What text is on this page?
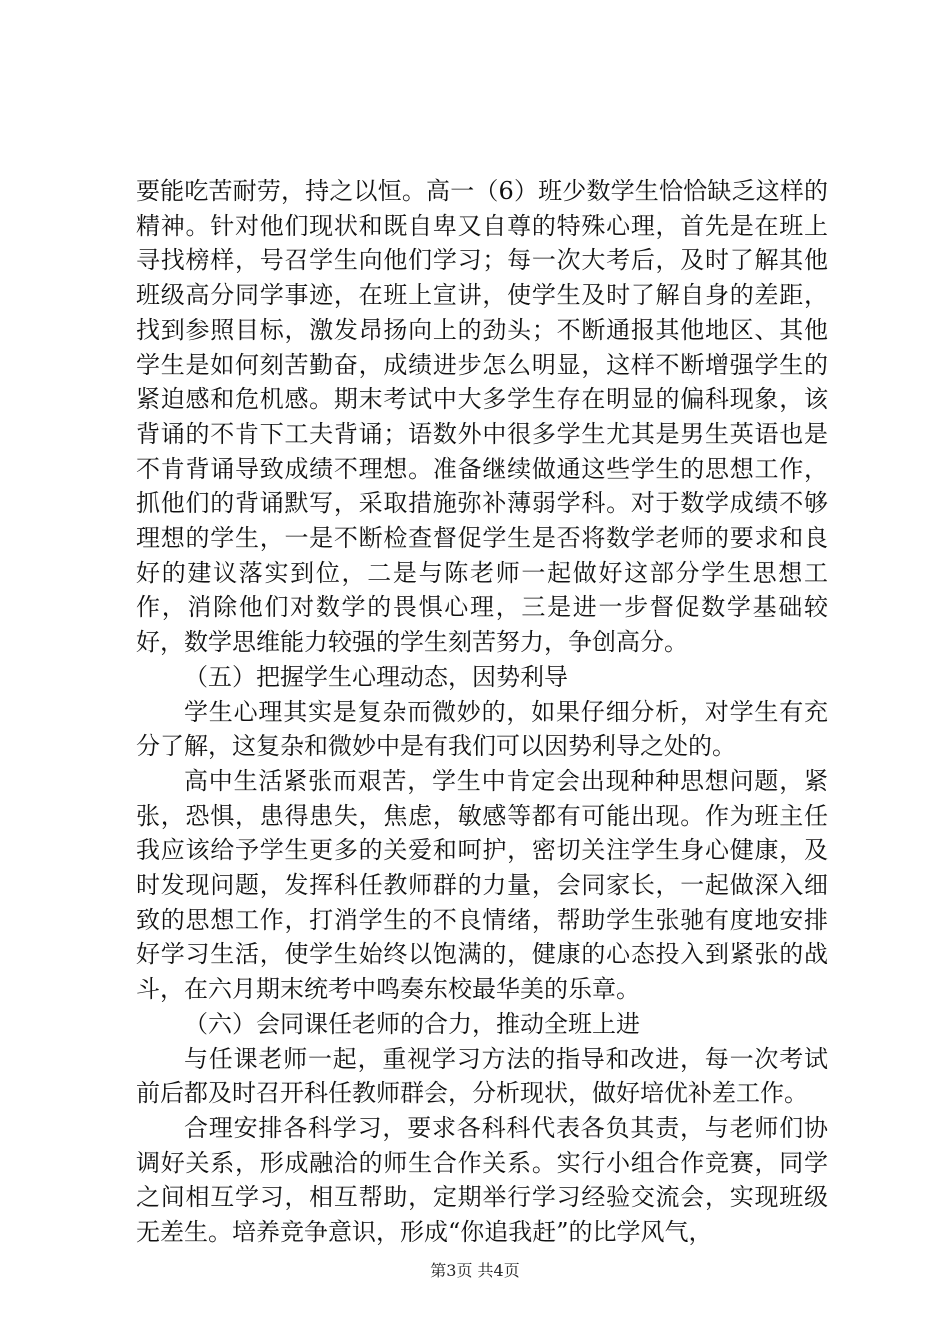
要能吃苦耐劳，持之以恒。高一（6）班少数学生恰恰缺乏这样的精神。针对他们现状和既自卑又自尊的特殊心理，首先是在班上寻找榜样，号召学生向他们学习；每一次大考后，及时了解其他班级高分同学事迹，在班上宣讲，使学生及时了解自身的差距，找到参照目标，激发昂扬向上的劲头；不断通报其他地区、其他学生是如何刻苦勤奋，成绩进步怎么明显，这样不断增强学生的紧迫感和危机感。期末考试中大多学生存在明显的偏科现象，该背诵的不肯下工夫背诵；语数外中很多学生尤其是男生英语也是不肯背诵导致成绩不理想。准备继续做通这些学生的思想工作，抓他们的背诵默写，采取措施弥补薄弱学科。对于数学成绩不够理想的学生，一是不断检查督促学生是否将数学老师的要求和良好的建议落实到位，二是与陈老师一起做好这部分学生思想工作，消除他们对数学的畏惧心理，三是进一步督促数学基础较好，数学思维能力较强的学生刻苦努力，争创高分。

（五）把握学生心理动态，因势利导

学生心理其实是复杂而微妙的，如果仔细分析，对学生有充分了解，这复杂和微妙中是有我们可以因势利导之处的。

高中生活紧张而艰苦，学生中肯定会出现种种思想问题，紧张，恐惧，患得患失，焦虑，敏感等都有可能出现。作为班主任我应该给予学生更多的关爱和呵护，密切关注学生身心健康，及时发现问题，发挥科任教师群的力量，会同家长，一起做深入细致的思想工作，打消学生的不良情绪，帮助学生张驰有度地安排好学习生活，使学生始终以饱满的，健康的心态投入到紧张的战斗，在六月期末统考中鸣奏东校最华美的乐章。

（六）会同课任老师的合力，推动全班上进

与任课老师一起，重视学习方法的指导和改进，每一次考试前后都及时召开科任教师群会，分析现状，做好培优补差工作。

合理安排各科学习，要求各科科代表各负其责，与老师们协调好关系，形成融洽的师生合作关系。实行小组合作竞赛，同学之间相互学习，相互帮助，定期举行学习经验交流会，实现班级无差生。培养竞争意识，形成“你追我赶”的比学风气，

第3页 共4页
